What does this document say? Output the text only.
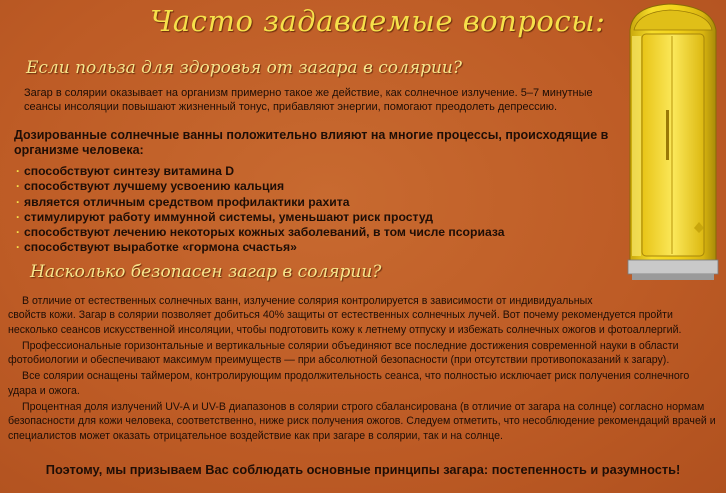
Часто задаваемые вопросы:
Если польза для здоровья от загара в солярии?
Загар в солярии оказывает на организм примерно такое же действие, как солнечное излучение. 5–7 минутные
сеансы инсоляции повышают жизненный тонус, прибавляют энергии, помогают преодолеть депрессию.
Дозированные солнечные ванны положительно влияют на многие процессы, происходящие в
организме человека:
· способствуют синтезу витамина D
· способствуют лучшему усвоению кальция
· является отличным средством профилактики рахита
· стимулируют работу иммунной системы, уменьшают риск простуд
· способствуют лечению некоторых кожных заболеваний, в том числе псориаза
· способствуют выработке «гормона счастья»
Насколько безопасен загар в солярии?
В отличие от естественных солнечных ванн, излучение солярия контролируется в зависимости от индивидуальных
свойств кожи. Загар в солярии позволяет добиться 40% защиты от естественных солнечных лучей. Вот почему рекомендуется пройти
несколько сеансов искусственной инсоляции, чтобы подготовить кожу к летнему отпуску и избежать солнечных ожогов и фотоаллергий.
Профессиональные горизонтальные и вертикальные солярии объединяют все последние достижения современной науки в области
фотобиологии и обеспечивают максимум преимуществ — при абсолютной безопасности (при отсутствии противопоказаний к загару).
Все солярии оснащены таймером, контролирующим продолжительность сеанса, что полностью исключает риск получения солнечного
удара и ожога.
Процентная доля излучений UV-A и UV-B диапазонов в солярии строго сбалансирована (в отличие от загара на солнце) согласно нормам
безопасности для кожи человека, соответственно, ниже риск получения ожогов. Следуем отметить, что несоблюдение рекомендаций врачей и
специалистов может оказать отрицательное воздействие как при загаре в солярии, так и на солнце.
Поэтому, мы призываем Вас соблюдать основные принципы загара: постепенность и разумность!
